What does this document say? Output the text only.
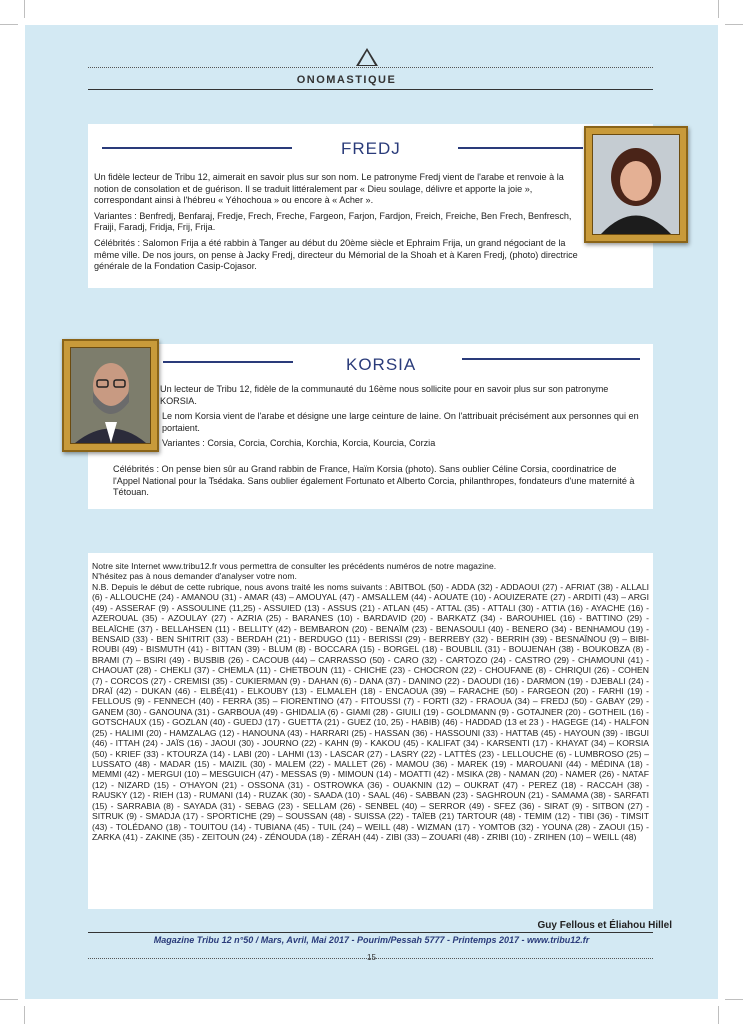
ONOMASTIQUE
FREDJ

Un fidèle lecteur de Tribu 12, aimerait en savoir plus sur son nom. Le patronyme Fredj vient de l'arabe et renvoie à la notion de consolation et de guérison. Il se traduit littéralement par « Dieu soulage, délivre et apporte la joie », correspondant ainsi à l'hébreu « Yéhochoua » ou encore à « Acher ».

Variantes : Benfredj, Benfaraj, Fredje, Frech, Freche, Fargeon, Farjon, Fardjon, Freich, Freiche, Ben Frech, Benfresch, Fraiji, Faradj, Fridja, Frij, Frija.

Célébrités : Salomon Frija a été rabbin à Tanger au début du 20ème siècle et Ephraim Frija, un grand négociant de la même ville. De nos jours, on pense à Jacky Fredj, directeur du Mémorial de la Shoah et à Karen Fredj, (photo) directrice générale de la Fondation Casip-Cojasor.

KORSIA

Un lecteur de Tribu 12, fidèle de la communauté du 16ème nous sollicite pour en savoir plus sur son patronyme KORSIA.

Le nom Korsia vient de l'arabe et désigne une large ceinture de laine. On l'attribuait précisément aux personnes qui en portaient.

Variantes : Corsia, Corcia, Corchia, Korchia, Korcia, Kourcia, Corzia

Célébrités : On pense bien sûr au Grand rabbin de France, Haïm Korsia (photo). Sans oublier Céline Corsia, coordinatrice de l'Appel National pour la Tsédaka. Sans oublier également Fortunato et Alberto Corcia, philanthropes, fondateurs d'une maternité à Tétouan.

Notre site Internet www.tribu12.fr vous permettra de consulter les précédents numéros de notre magazine.

N'hésitez pas à nous demander d'analyser votre nom.

N.B. Depuis le début de cette rubrique, nous avons traité les noms suivants : ABITBOL (50) - ADDA (32) - ADDAOUI (27) - AFRIAT (38) - ALLALI (6) - ALLOUCHE (24) - AMANOU (31) - AMAR (43) – AMOUYAL (47) - AMSALLEM (44) - AOUATE (10) - AOUIZERATE (27) - ARDITI (43) – ARGI (49) - ASSERAF (9) - ASSOULINE (11,25) - ASSUIED (13) - ASSUS (21) - ATLAN (45) - ATTAL (35) - ATTALI (30) - ATTIA (16) - AYACHE (16) - AZEROUAL (35) - AZOULAY (27) - AZRIA (25) - BARANES (10) - BARDAVID (20) - BARKATZ (34) - BAROUHIEL (16) - BATTINO (29) - BELAÏCHE (37) - BELLAHSEN (11) - BELLITY (42) - BEMBARON (20) - BENAÏM (23) - BENASOULI (40) - BENERO (34) - BENHAMOU (19) - BENSAID (33) - BEN SHITRIT (33) - BERDAH (21) - BERDUGO (11) - BERISSI (29) - BERREBY (32) - BERRIH (39) - BESNAÏNOU (9) – BIBI-ROUBI (49) - BISMUTH (41) - BITTAN (39) - BLUM (8) - BOCCARA (15) - BORGEL (18) - BOUBLIL (31) - BOUJENAH (38) - BOUKOBZA (8) - BRAMI (7) – BSIRI (49) - BUSBIB (26) - CACOUB (44) – CARRASSO (50) - CARO (32) - CARTOZO (24) - CASTRO (29) - CHAMOUNI (41) - CHAOUAT (28) - CHEKLI (37) - CHEMLA (11) - CHETBOUN (11) - CHICHE (23) - CHOCRON (22) - CHOUFANE (8) - CHRIQUI (26) - COHEN (7) - CORCOS (27) - CREMISI (35) - CUKIERMAN (9) - DAHAN (6) - DANA (37) - DANINO (22) - DAOUDI (16) - DARMON (19) - DJEBALI (24) - DRAÏ (42) - DUKAN (46) - ELBÉ(41) - ELKOUBY (13) - ELMALEH (18) - ENCAOUA (39) – FARACHE (50) - FARGEON (20) - FARHI (19) - FELLOUS (9) - FENNECH (40) - FERRA (35) – FIORENTINO (47) - FITOUSSI (7) - FORTI (32) - FRAOUA (34) – FREDJ (50) - GABAY (29) - GANEM (30) - GANOUNA (31) - GARBOUA (49) - GHIDALIA (6) - GIAMI (28) - GIUILI (19) - GOLDMANN (9) - GOTAJNER (20) - GOTHEIL (16) - GOTSCHAUX (15) - GOZLAN (40) - GUEDJ (17) - GUETTA (21) - GUEZ (10, 25) - HABIB) (46) - HADDAD (13 et 23 ) - HAGEGE (14) - HALFON (25) - HALIMI (20) - HAMZALAG (12) - HANOUNA (43) - HARRARI (25) - HASSAN (36) - HASSOUNI (33) - HATTAB (45) - HAYOUN (39) - IBGUI (46) - ITTAH (24) - JAÏS (16) - JAOUI (30) - JOURNO (22) - KAHN (9) - KAKOU (45) - KALIFAT (34) - KARSENTI (17) - KHAYAT (34) – KORSIA (50) - KRIEF (33) - KTOURZA (14) - LABI (20) - LAHMI (13) - LASCAR (27) - LASRY (22) - LATTÈS (23) - LELLOUCHE (6) - LUMBROSO (25) – LUSSATO (48) - MADAR (15) - MAIZIL (30) - MALEM (22) - MALLET (26) - MAMOU (36) - MAREK (19) - MAROUANI (44) - MÉDINA (18) - MEMMI (42) - MERGUI (10) – MESGUICH (47) - MESSAS (9) - MIMOUN (14) - MOATTI (42) - MSIKA (28) - NAMAN (20) - NAMER (26) - NATAF (12) - NIZARD (15) - O'HAYON (21) - OSSONA (31) - OSTROWKA (36) - OUAKNIN (12) – OUKRAT (47) - PEREZ (18) - RACCAH (38) - RAUSKY (12) - RIEH (13) - RUMANI (14) - RUZAK (30) - SAADA (10) - SAAL (46) - SABBAN (23) - SAGHROUN (21) - SAMAMA (38) - SARFATI (15) - SARRABIA (8) - SAYADA (31) - SEBAG (23) - SELLAM (26) - SENBEL (40) – SERROR (49) - SFEZ (36) - SIRAT (9) - SITBON (27) - SITRUK (9) - SMADJA (17) - SPORTICHE (29) – SOUSSAN (48) - SUISSA (22) - TAÏEB (21) TARTOUR (48) - TEMIM (12) - TIBI (36) - TIMSIT (43) - TOLÉDANO (18) - TOUITOU (14) - TUBIANA (45) - TUIL (24) – WEILL (48) - WIZMAN (17) - YOMTOB (32) - YOUNA (28) - ZAOUI (15) - ZARKA (41) - ZAKINE (35) - ZEITOUN (24) - ZÉNOUDA (18) - ZÉRAH (44) - ZIBI (33) – ZOUARI (48) - ZRIBI (10) - ZRIHEN (10) – WEILL (48)

Guy Fellous et Éliahou Hillel
Magazine Tribu 12 n°50 / Mars, Avril, Mai 2017 - Pourim/Pessah 5777 - Printemps 2017 - www.tribu12.fr
15
